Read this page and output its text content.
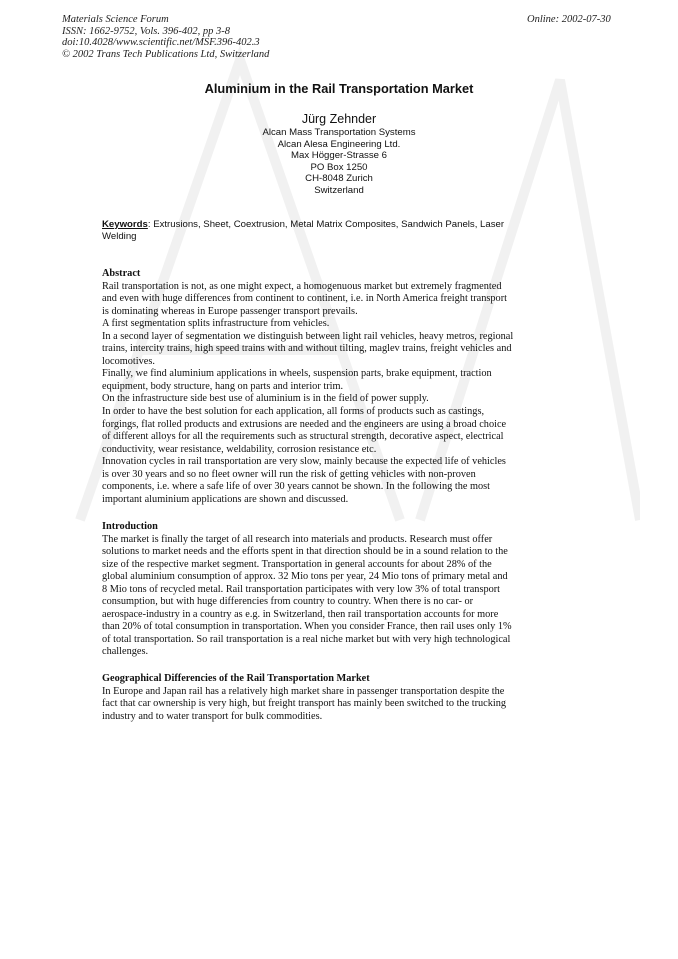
Materials Science Forum
ISSN: 1662-9752, Vols. 396-402, pp 3-8
doi:10.4028/www.scientific.net/MSF.396-402.3
© 2002 Trans Tech Publications Ltd, Switzerland
Online: 2002-07-30
Aluminium in the Rail Transportation Market
Jürg Zehnder
Alcan Mass Transportation Systems
Alcan Alesa Engineering Ltd.
Max Högger-Strasse 6
PO Box 1250
CH-8048 Zurich
Switzerland
Keywords: Extrusions, Sheet, Coextrusion, Metal Matrix Composites, Sandwich Panels, Laser
Welding
Abstract

Rail transportation is not, as one might expect, a homogenuous market but extremely fragmented
and even with huge differences from continent to continent, i.e. in North America freight transport
is dominating whereas in Europe passenger transport prevails.
A first segmentation splits infrastructure from vehicles.
In a second layer of segmentation we distinguish between light rail vehicles, heavy metros, regional
trains, intercity trains, high speed trains with and without tilting, maglev trains, freight vehicles and
locomotives.
Finally, we find aluminium applications in wheels, suspension parts, brake equipment, traction
equipment, body structure, hang on parts and interior trim.
On the infrastructure side best use of aluminium is in the field of power supply.
In order to have the best solution for each application, all forms of products such as castings,
forgings, flat rolled products and extrusions are needed and the engineers are using a broad choice
of different alloys for all the requirements such as structural strength, decorative aspect, electrical
conductivity, wear resistance, weldability, corrosion resistance etc.
Innovation cycles in rail transportation are very slow, mainly because the expected life of vehicles
is over 30 years and so no fleet owner will run the risk of getting vehicles with non-proven
components, i.e. where a safe life of over 30 years cannot be shown. In the following the most
important aluminium applications are shown and discussed.

Introduction

The market is finally the target of all research into materials and products. Research must offer
solutions to market needs and the efforts spent in that direction should be in a sound relation to the
size of the respective market segment. Transportation in general accounts for about 28% of the
global aluminium consumption of approx. 32 Mio tons per year, 24 Mio tons of primary metal and
8 Mio tons of recycled metal. Rail transportation participates with very low 3% of total transport
consumption, but with huge differencies from country to country. When there is no car- or
aerospace-industry in a country as e.g. in Switzerland, then rail transportation accounts for more
than 20% of total consumption in transportation. When you consider France, then rail uses only 1%
of total transportation. So rail transportation is a real niche market but with very high technological
challenges.

Geographical Differencies of the Rail Transportation Market

In Europe and Japan rail has a relatively high market share in passenger transportation despite the
fact that car ownership is very high, but freight transport has mainly been switched to the trucking
industry and to water transport for bulk commodities.
